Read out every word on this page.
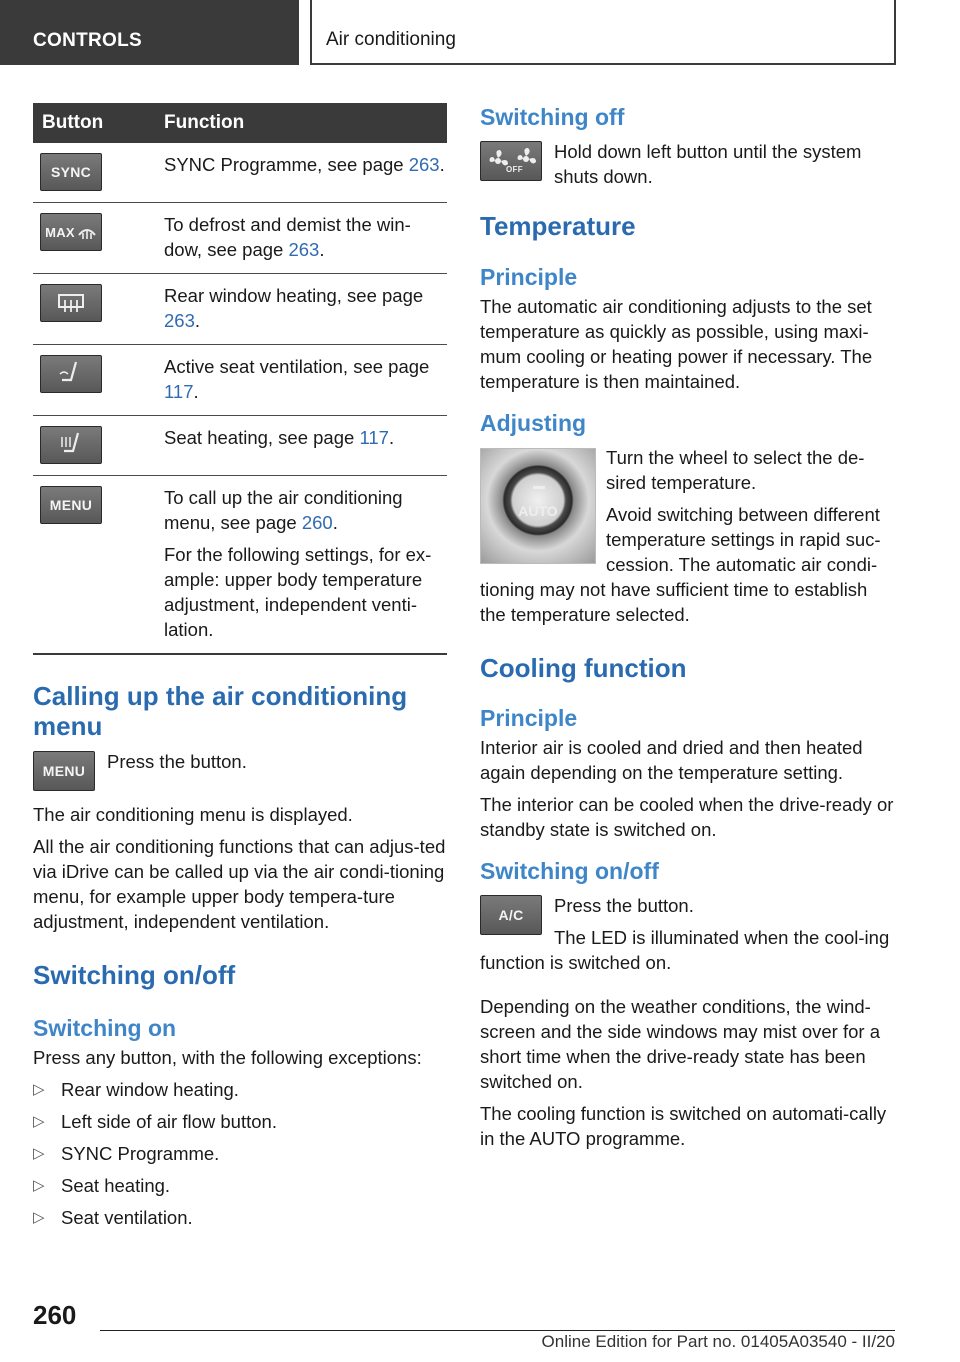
CONTROLS	Air conditioning
Button	Function
SYNC	SYNC Programme, see page 263.

MAX	To defrost and demist the win-dow, see page 263.

Rear window heating, see page 263.

Active seat ventilation, see page 117.

Seat heating, see page 117.

MENU	To call up the air conditioning menu, see page 260.

For the following settings, for ex-ample: upper body temperature adjustment, independent venti-lation.

Calling up the air conditioning menu
MENU	Press the button.

The air conditioning menu is displayed.

All the air conditioning functions that can adjus-ted via iDrive can be called up via the air condi-tioning menu, for example upper body tempera-ture adjustment, independent ventilation.

Switching on/off
Switching on

Press any button, with the following exceptions:

▷ Rear window heating.
▷ Left side of air flow button.
▷ SYNC Programme.
▷ Seat heating.
▷ Seat ventilation.
Switching off
OFF

Hold down left button until the system shuts down.

Temperature
Principle

The automatic air conditioning adjusts to the set temperature as quickly as possible, using maxi-mum cooling or heating power if necessary. The temperature is then maintained.

Adjusting
AUTO

Turn the wheel to select the de-sired temperature.

Avoid switching between different temperature settings in rapid suc-cession. The automatic air condi-tioning may not have sufficient time to establish the temperature selected.

Cooling function
Principle

Interior air is cooled and dried and then heated again depending on the temperature setting.

The interior can be cooled when the drive-ready or standby state is switched on.

Switching on/off
A/C	Press the button.

The LED is illuminated when the cool-ing function is switched on.

Depending on the weather conditions, the wind-screen and the side windows may mist over for a short time when the drive-ready state has been switched on.

The cooling function is switched on automati-cally in the AUTO programme.

260
Online Edition for Part no. 01405A03540 - II/20
